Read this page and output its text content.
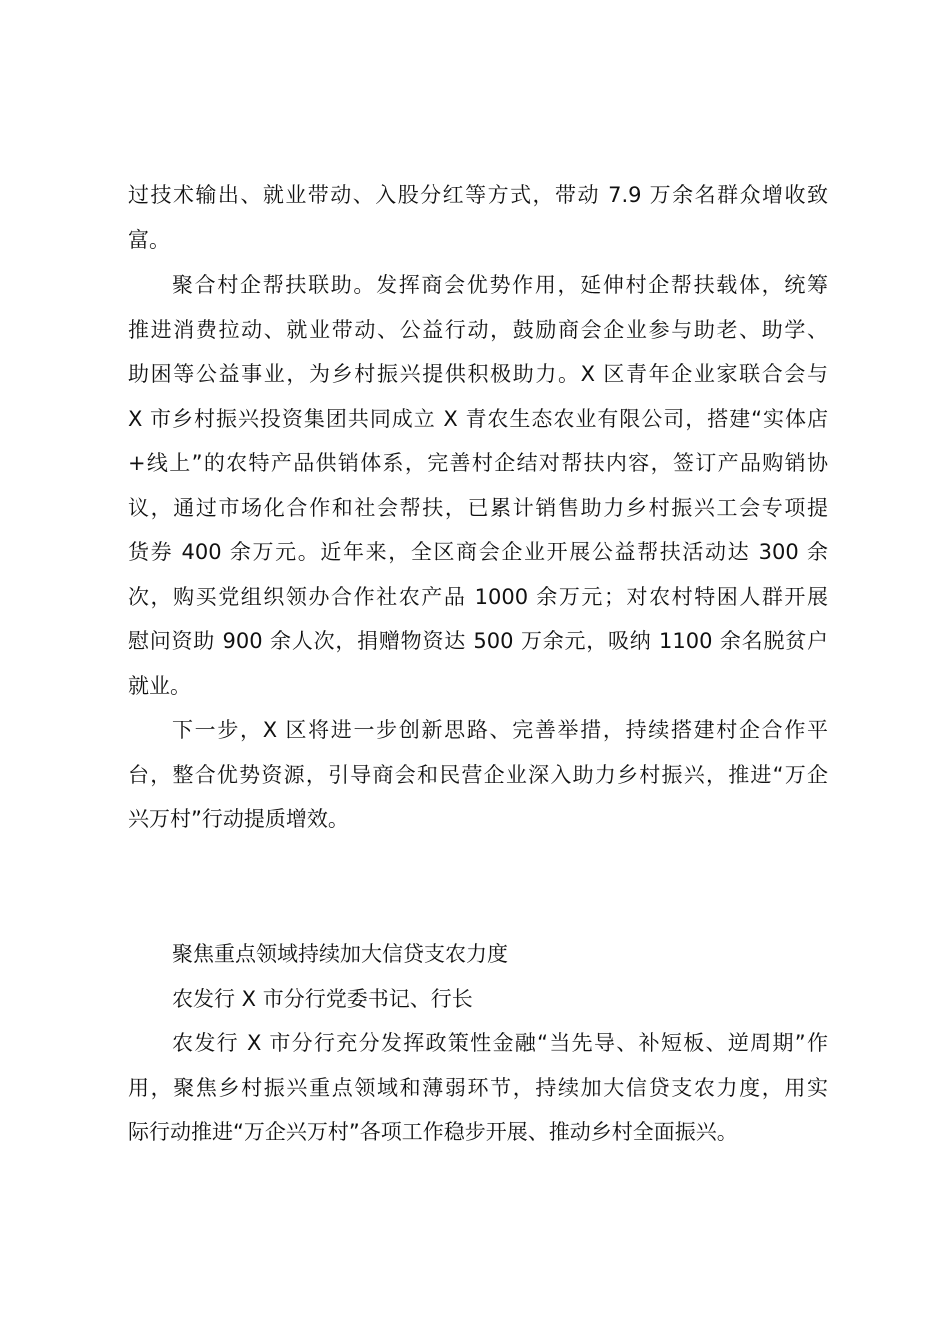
过技术输出、就业带动、入股分红等方式，带动 7.9 万余名群众增收致
富。
聚合村企帮扶联助。发挥商会优势作用，延伸村企帮扶载体，统筹
推进消费拉动、就业带动、公益行动，鼓励商会企业参与助老、助学、
助困等公益事业，为乡村振兴提供积极助力。X 区青年企业家联合会与
X 市乡村振兴投资集团共同成立 X 青农生态农业有限公司，搭建“实体店
+线上”的农特产品供销体系，完善村企结对帮扶内容，签订产品购销协
议，通过市场化合作和社会帮扶，已累计销售助力乡村振兴工会专项提
货券 400 余万元。近年来，全区商会企业开展公益帮扶活动达 300 余
次，购买党组织领办合作社农产品 1000 余万元；对农村特困人群开展
慰问资助 900 余人次，捐赠物资达 500 万余元，吸纳 1100 余名脱贫户
就业。
下一步，X 区将进一步创新思路、完善举措，持续搭建村企合作平
台，整合优势资源，引导商会和民营企业深入助力乡村振兴，推进“万企
兴万村”行动提质增效。
聚焦重点领域持续加大信贷支农力度
农发行 X 市分行党委书记、行长
农发行 X 市分行充分发挥政策性金融“当先导、补短板、逆周期”作
用，聚焦乡村振兴重点领域和薄弱环节，持续加大信贷支农力度，用实
际行动推进“万企兴万村”各项工作稳步开展、推动乡村全面振兴。
